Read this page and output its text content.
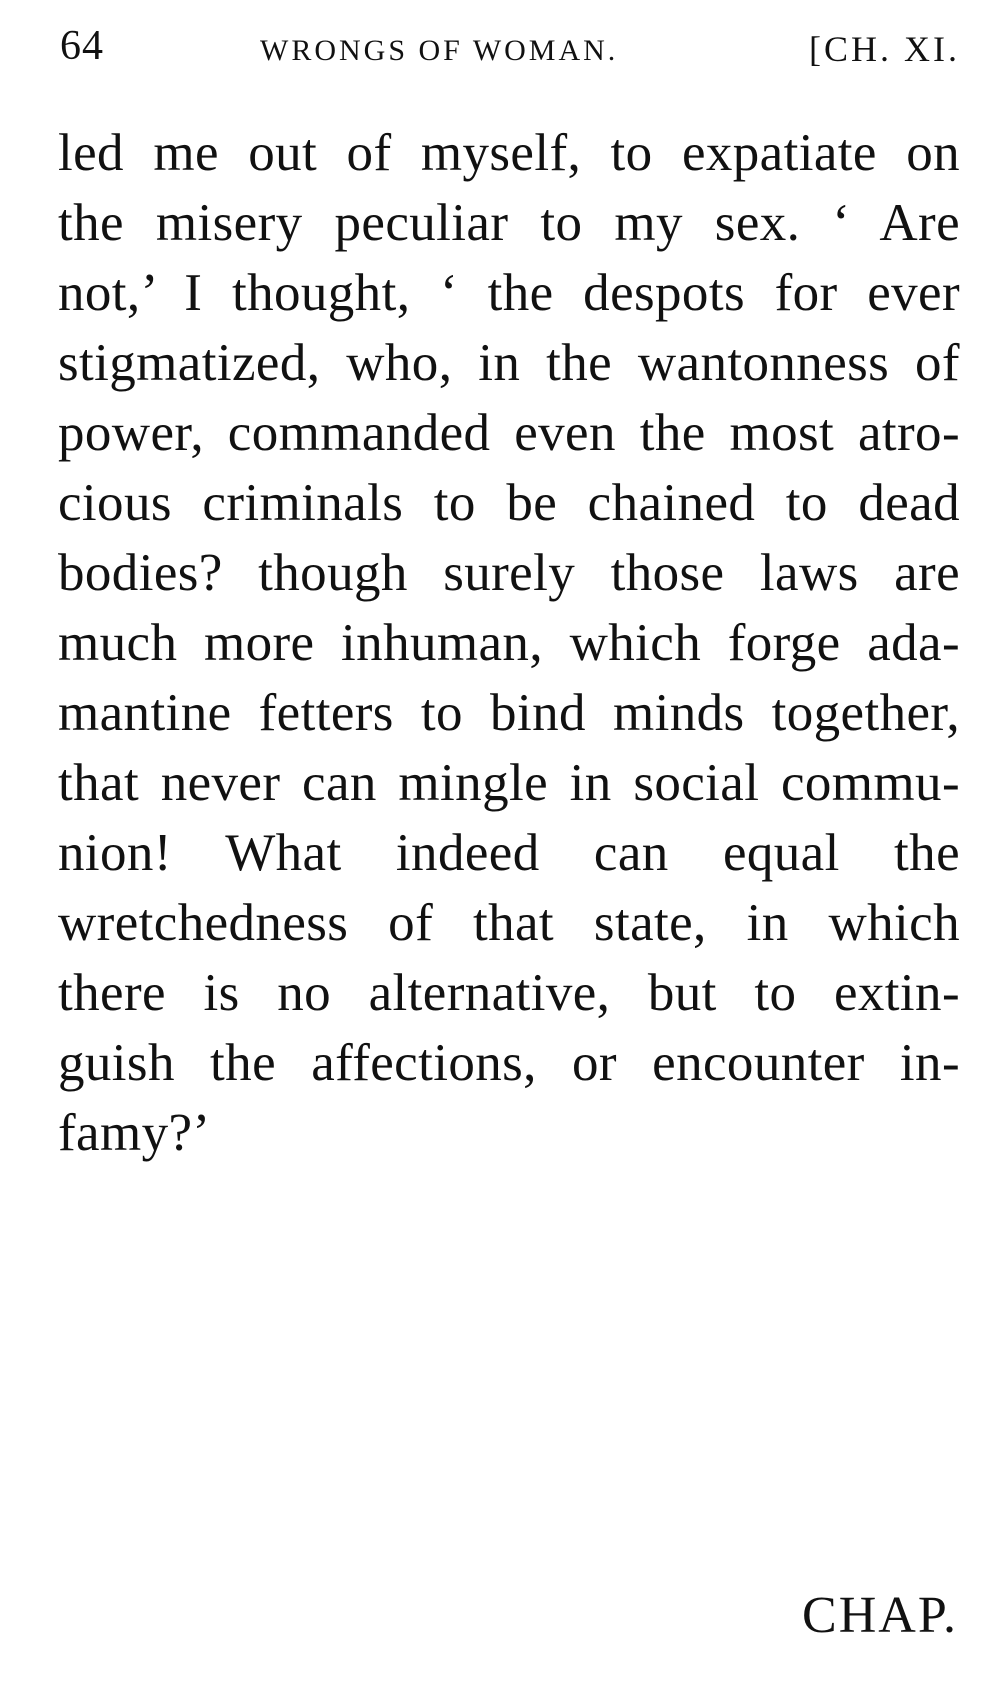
64	WRONGS OF WOMAN.	[CH. XI.
led me out of myself, to expatiate on
the misery peculiar to my sex. ‘ Are
not,’ I thought, ‘ the despots for ever
stigmatized, who, in the wantonness of
power, commanded even the most atro-
cious criminals to be chained to dead
bodies? though surely those laws are
much more inhuman, which forge ada-
mantine fetters to bind minds together,
that never can mingle in social commu-
nion! What indeed can equal the
wretchedness of that state, in which
there is no alternative, but to extin-
guish the affections, or encounter in-
famy?’
CHAP.
